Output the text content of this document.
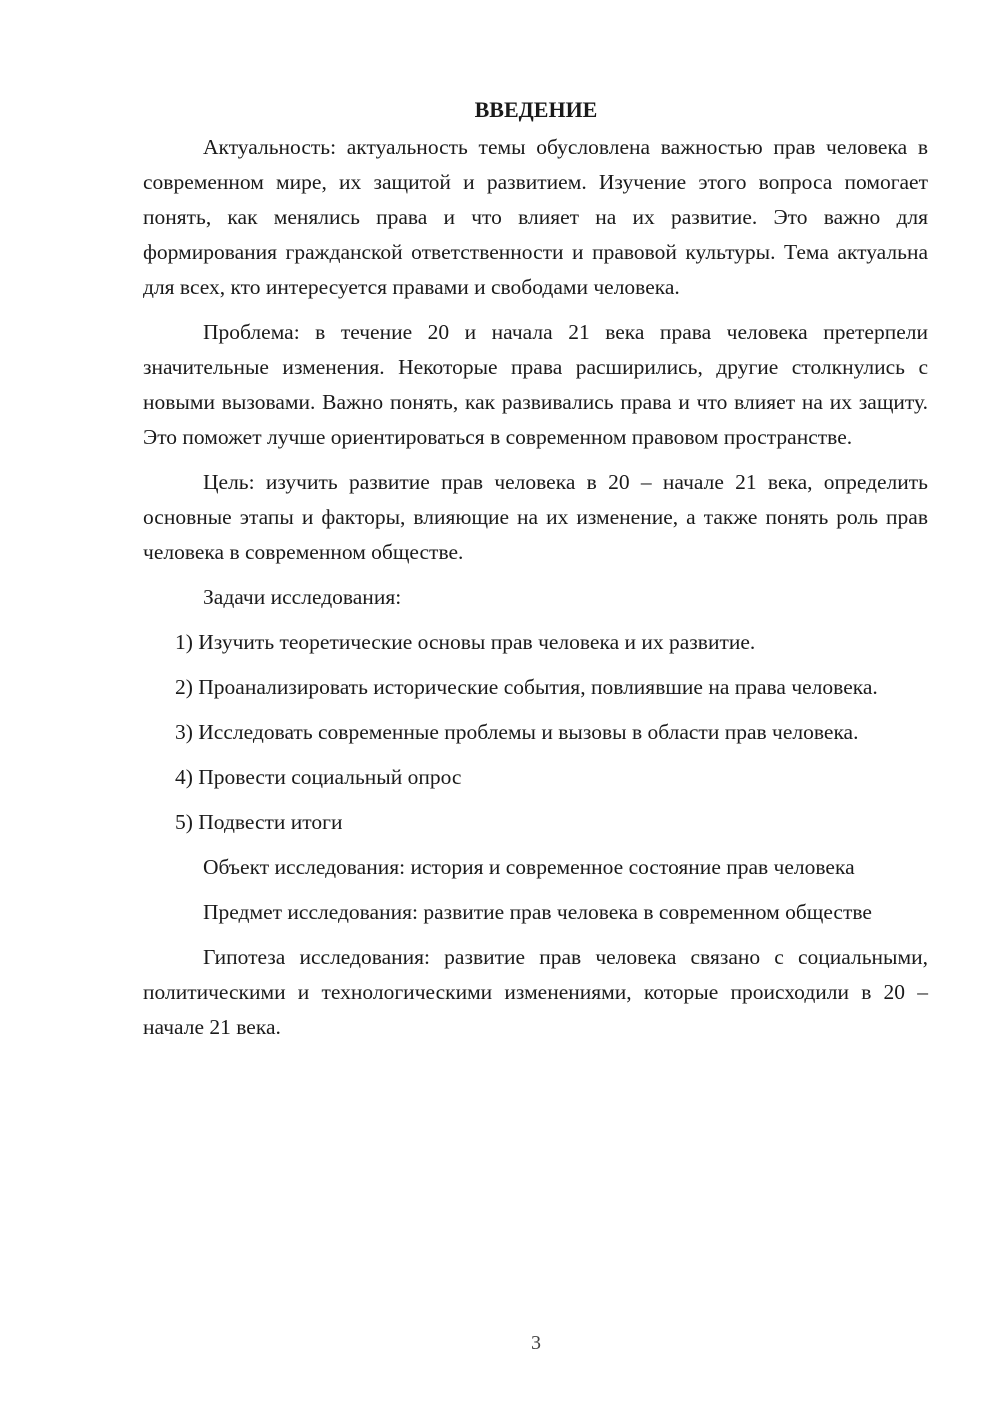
ВВЕДЕНИЕ

Актуальность: актуальность темы обусловлена важностью прав человека в современном мире, их защитой и развитием. Изучение этого вопроса помогает понять, как менялись права и что влияет на их развитие. Это важно для формирования гражданской ответственности и правовой культуры. Тема актуальна для всех, кто интересуется правами и свободами человека.

Проблема: в течение 20 и начала 21 века права человека претерпели значительные изменения. Некоторые права расширились, другие столкнулись с новыми вызовами. Важно понять, как развивались права и что влияет на их защиту. Это поможет лучше ориентироваться в современном правовом пространстве.

Цель: изучить развитие прав человека в 20 – начале 21 века, определить основные этапы и факторы, влияющие на их изменение, а также понять роль прав человека в современном обществе.

Задачи исследования:

1) Изучить теоретические основы прав человека и их развитие.
2) Проанализировать исторические события, повлиявшие на права человека.
3) Исследовать современные проблемы и вызовы в области прав человека.
4) Провести социальный опрос
5) Подвести итоги

Объект исследования: история и современное состояние прав человека

Предмет исследования: развитие прав человека в современном обществе

Гипотеза исследования: развитие прав человека связано с социальными, политическими и технологическими изменениями, которые происходили в 20 – начале 21 века.

3
